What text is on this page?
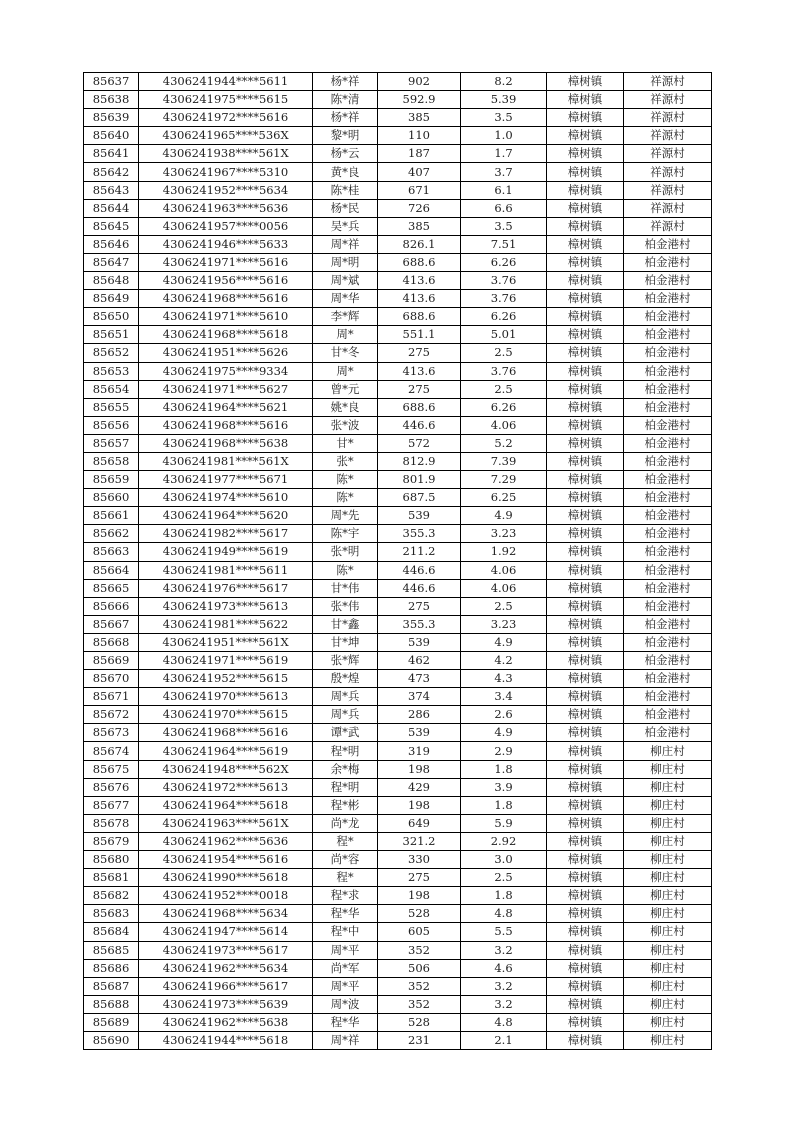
85637	4306241944****5611	杨*祥	902	8.2	樟树镇	祥源村
85638	4306241975****5615	陈*清	592.9	5.39	樟树镇	祥源村
85639	4306241972****5616	杨*祥	385	3.5	樟树镇	祥源村
85640	4306241965****536X	黎*明	110	1.0	樟树镇	祥源村
85641	4306241938****561X	杨*云	187	1.7	樟树镇	祥源村
85642	4306241967****5310	黄*良	407	3.7	樟树镇	祥源村
85643	4306241952****5634	陈*桂	671	6.1	樟树镇	祥源村
85644	4306241963****5636	杨*民	726	6.6	樟树镇	祥源村
85645	4306241957****0056	吴*兵	385	3.5	樟树镇	祥源村
85646	4306241946****5633	周*祥	826.1	7.51	樟树镇	柏金港村
85647	4306241971****5616	周*明	688.6	6.26	樟树镇	柏金港村
85648	4306241956****5616	周*斌	413.6	3.76	樟树镇	柏金港村
85649	4306241968****5616	周*华	413.6	3.76	樟树镇	柏金港村
85650	4306241971****5610	李*辉	688.6	6.26	樟树镇	柏金港村
85651	4306241968****5618	周*	551.1	5.01	樟树镇	柏金港村
85652	4306241951****5626	甘*冬	275	2.5	樟树镇	柏金港村
85653	4306241975****9334	周*	413.6	3.76	樟树镇	柏金港村
85654	4306241971****5627	曾*元	275	2.5	樟树镇	柏金港村
85655	4306241964****5621	姚*良	688.6	6.26	樟树镇	柏金港村
85656	4306241968****5616	张*波	446.6	4.06	樟树镇	柏金港村
85657	4306241968****5638	甘*	572	5.2	樟树镇	柏金港村
85658	4306241981****561X	张*	812.9	7.39	樟树镇	柏金港村
85659	4306241977****5671	陈*	801.9	7.29	樟树镇	柏金港村
85660	4306241974****5610	陈*	687.5	6.25	樟树镇	柏金港村
85661	4306241964****5620	周*先	539	4.9	樟树镇	柏金港村
85662	4306241982****5617	陈*宇	355.3	3.23	樟树镇	柏金港村
85663	4306241949****5619	张*明	211.2	1.92	樟树镇	柏金港村
85664	4306241981****5611	陈*	446.6	4.06	樟树镇	柏金港村
85665	4306241976****5617	甘*伟	446.6	4.06	樟树镇	柏金港村
85666	4306241973****5613	张*伟	275	2.5	樟树镇	柏金港村
85667	4306241981****5622	甘*鑫	355.3	3.23	樟树镇	柏金港村
85668	4306241951****561X	甘*坤	539	4.9	樟树镇	柏金港村
85669	4306241971****5619	张*辉	462	4.2	樟树镇	柏金港村
85670	4306241952****5615	殷*煌	473	4.3	樟树镇	柏金港村
85671	4306241970****5613	周*兵	374	3.4	樟树镇	柏金港村
85672	4306241970****5615	周*兵	286	2.6	樟树镇	柏金港村
85673	4306241968****5616	谭*武	539	4.9	樟树镇	柏金港村
85674	4306241964****5619	程*明	319	2.9	樟树镇	柳庄村
85675	4306241948****562X	余*梅	198	1.8	樟树镇	柳庄村
85676	4306241972****5613	程*明	429	3.9	樟树镇	柳庄村
85677	4306241964****5618	程*彬	198	1.8	樟树镇	柳庄村
85678	4306241963****561X	尚*龙	649	5.9	樟树镇	柳庄村
85679	4306241962****5636	程*	321.2	2.92	樟树镇	柳庄村
85680	4306241954****5616	尚*容	330	3.0	樟树镇	柳庄村
85681	4306241990****5618	程*	275	2.5	樟树镇	柳庄村
85682	4306241952****0018	程*求	198	1.8	樟树镇	柳庄村
85683	4306241968****5634	程*华	528	4.8	樟树镇	柳庄村
85684	4306241947****5614	程*中	605	5.5	樟树镇	柳庄村
85685	4306241973****5617	周*平	352	3.2	樟树镇	柳庄村
85686	4306241962****5634	尚*军	506	4.6	樟树镇	柳庄村
85687	4306241966****5617	周*平	352	3.2	樟树镇	柳庄村
85688	4306241973****5639	周*波	352	3.2	樟树镇	柳庄村
85689	4306241962****5638	程*华	528	4.8	樟树镇	柳庄村
85690	4306241944****5618	周*祥	231	2.1	樟树镇	柳庄村
